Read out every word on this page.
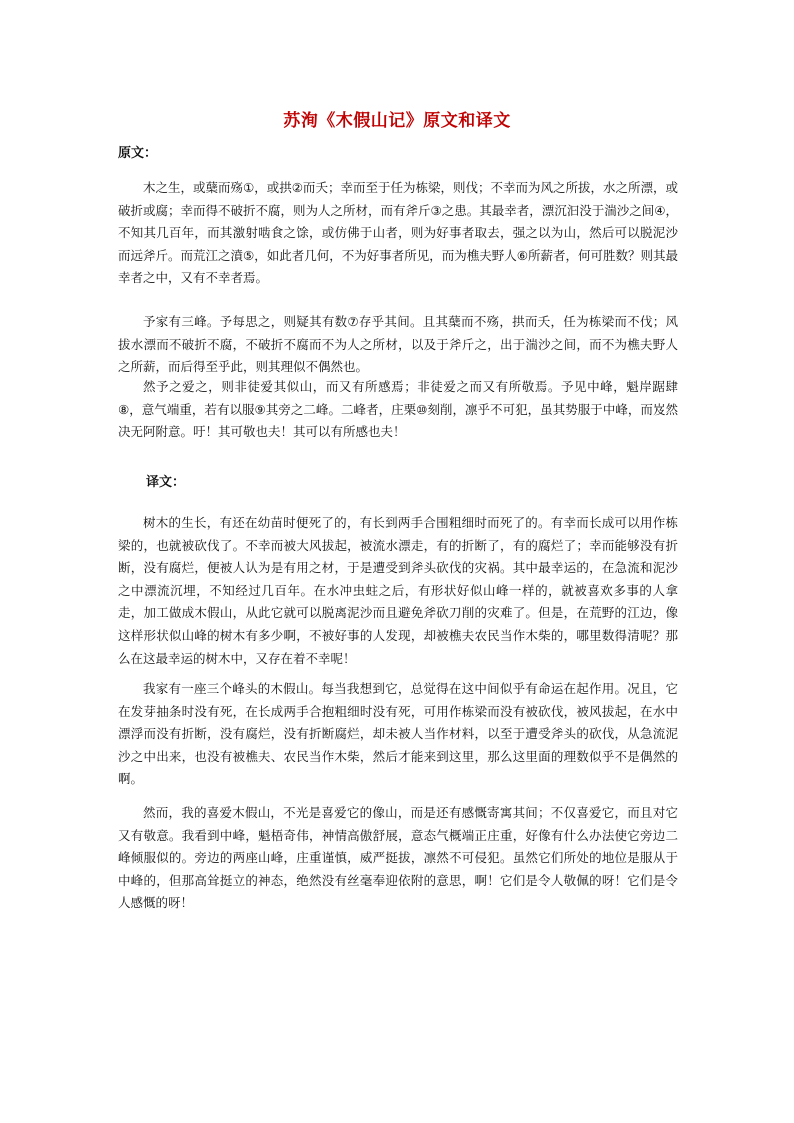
苏洵《木假山记》原文和译文
原文：

木之生，或蘖而殇①，或拱②而夭；幸而至于任为栋梁，则伐；不幸而为风之所拔，水之所漂，或破折或腐；幸而得不破折不腐，则为人之所材，而有斧斤③之患。其最幸者，漂沉汩没于湍沙之间④，不知其几百年，而其激射啮食之馀，或仿佛于山者，则为好事者取去，强之以为山，然后可以脱泥沙而远斧斤。而荒江之濆⑤，如此者几何，不为好事者所见，而为樵夫野人⑥所薪者，何可胜数？则其最幸者之中，又有不幸者焉。

予家有三峰。予每思之，则疑其有数⑦存乎其间。且其蘖而不殇，拱而夭，任为栋梁而不伐；风拔水漂而不破折不腐，不破折不腐而不为人之所材，以及于斧斤之，出于湍沙之间，而不为樵夫野人之所薪，而后得至乎此，则其理似不偶然也。

然予之爱之，则非徒爱其似山，而又有所感焉；非徒爱之而又有所敬焉。予见中峰，魁岸踞肆⑧，意气端重，若有以服⑨其旁之二峰。二峰者，庄栗⑩刻削，凛乎不可犯，虽其势服于中峰，而岌然决无阿附意。吁！其可敬也夫！其可以有所感也夫！

译文：

树木的生长，有还在幼苗时便死了的，有长到两手合围粗细时而死了的。有幸而长成可以用作栋梁的，也就被砍伐了。不幸而被大风拔起，被流水漂走，有的折断了，有的腐烂了；幸而能够没有折断，没有腐烂，便被人认为是有用之材，于是遭受到斧头砍伐的灾祸。其中最幸运的，在急流和泥沙之中漂流沉埋，不知经过几百年。在水冲虫蛀之后，有形状好似山峰一样的，就被喜欢多事的人拿走，加工做成木假山，从此它就可以脱离泥沙而且避免斧砍刀削的灾难了。但是，在荒野的江边，像这样形状似山峰的树木有多少啊，不被好事的人发现，却被樵夫农民当作木柴的，哪里数得清呢？那么在这最幸运的树木中，又存在着不幸呢！

我家有一座三个峰头的木假山。每当我想到它，总觉得在这中间似乎有命运在起作用。况且，它在发芽抽条时没有死，在长成两手合抱粗细时没有死，可用作栋梁而没有被砍伐，被风拔起，在水中漂浮而没有折断，没有腐烂，没有折断腐烂，却未被人当作材料，以至于遭受斧头的砍伐，从急流泥沙之中出来，也没有被樵夫、农民当作木柴，然后才能来到这里，那么这里面的理数似乎不是偶然的啊。

然而，我的喜爱木假山，不光是喜爱它的像山，而是还有感慨寄寓其间；不仅喜爱它，而且对它又有敬意。我看到中峰，魁梧奇伟，神情高傲舒展，意态气概端正庄重，好像有什么办法使它旁边二峰倾服似的。旁边的两座山峰，庄重谨慎，威严挺拔，凛然不可侵犯。虽然它们所处的地位是服从于中峰的，但那高耸挺立的神态，绝然没有丝毫奉迎依附的意思，啊！它们是令人敬佩的呀！它们是令人感慨的呀！
